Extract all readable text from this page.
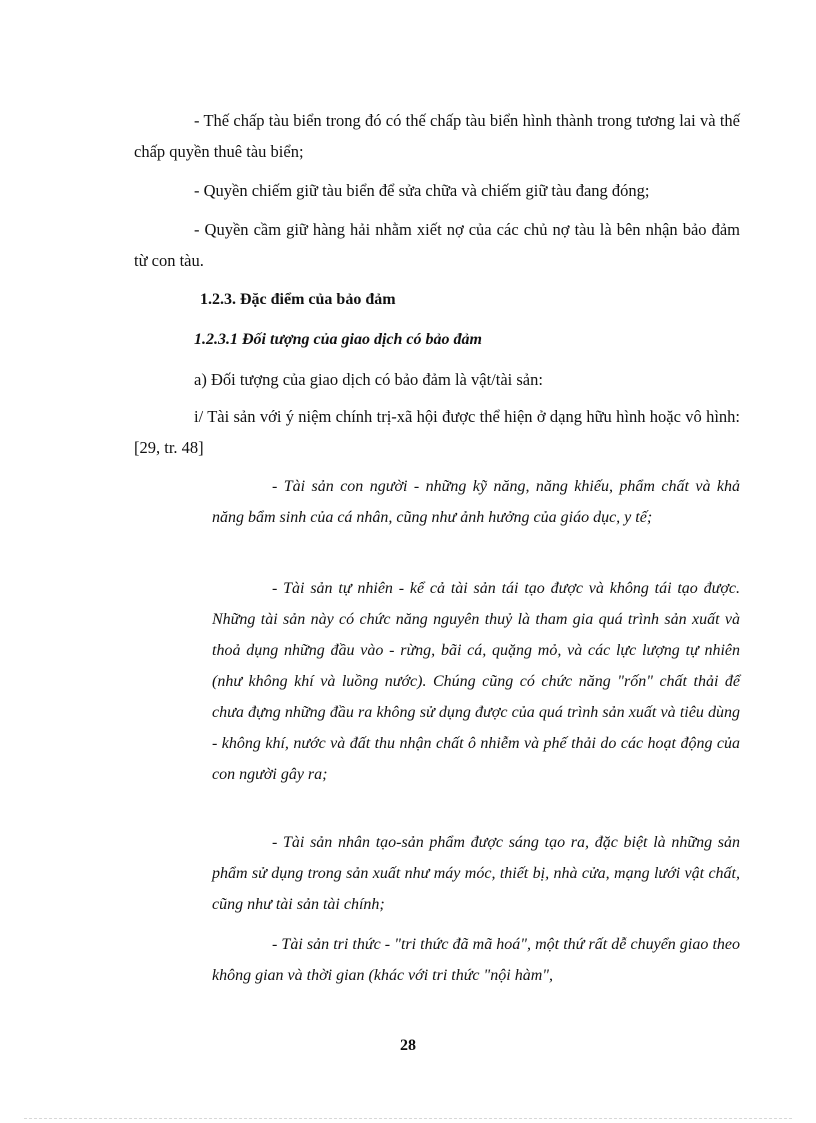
- Thế chấp tàu biển trong đó có thế chấp tàu biển hình thành trong tương lai và thế chấp quyền thuê tàu biển;

- Quyền chiếm giữ tàu biển để sửa chữa và chiếm giữ tàu đang đóng;

- Quyền cầm giữ hàng hải nhằm xiết nợ của các chủ nợ tàu là bên nhận bảo đảm từ con tàu.

1.2.3. Đặc điểm của bảo đảm
1.2.3.1 Đối tượng của giao dịch có bảo đảm

a) Đối tượng của giao dịch có bảo đảm là vật/tài sản:

i/ Tài sản với ý niệm chính trị-xã hội được thể hiện ở dạng hữu hình hoặc vô hình: [29, tr. 48]

- Tài sản con người - những kỹ năng, năng khiếu, phẩm chất và khả năng bẩm sinh của cá nhân, cũng như ảnh hưởng của giáo dục, y tế;

- Tài sản tự nhiên - kể cả tài sản tái tạo được và không tái tạo được. Những tài sản này có chức năng nguyên thuỷ là tham gia quá trình sản xuất và thoả dụng những đầu vào - rừng, bãi cá, quặng mỏ, và các lực lượng tự nhiên (như không khí và luồng nước). Chúng cũng có chức năng "rốn" chất thải để chưa đựng những đầu ra không sử dụng được của quá trình sản xuất và tiêu dùng - không khí, nước và đất thu nhận chất ô nhiễm và phế thải do các hoạt động của con người gây ra;

- Tài sản nhân tạo-sản phẩm được sáng tạo ra, đặc biệt là những sản phẩm sử dụng trong sản xuất như máy móc, thiết bị, nhà cửa, mạng lưới vật chất, cũng như tài sản tài chính;

- Tài sản tri thức - "tri thức đã mã hoá", một thứ rất dễ chuyển giao theo không gian và thời gian (khác với tri thức "nội hàm",

28
